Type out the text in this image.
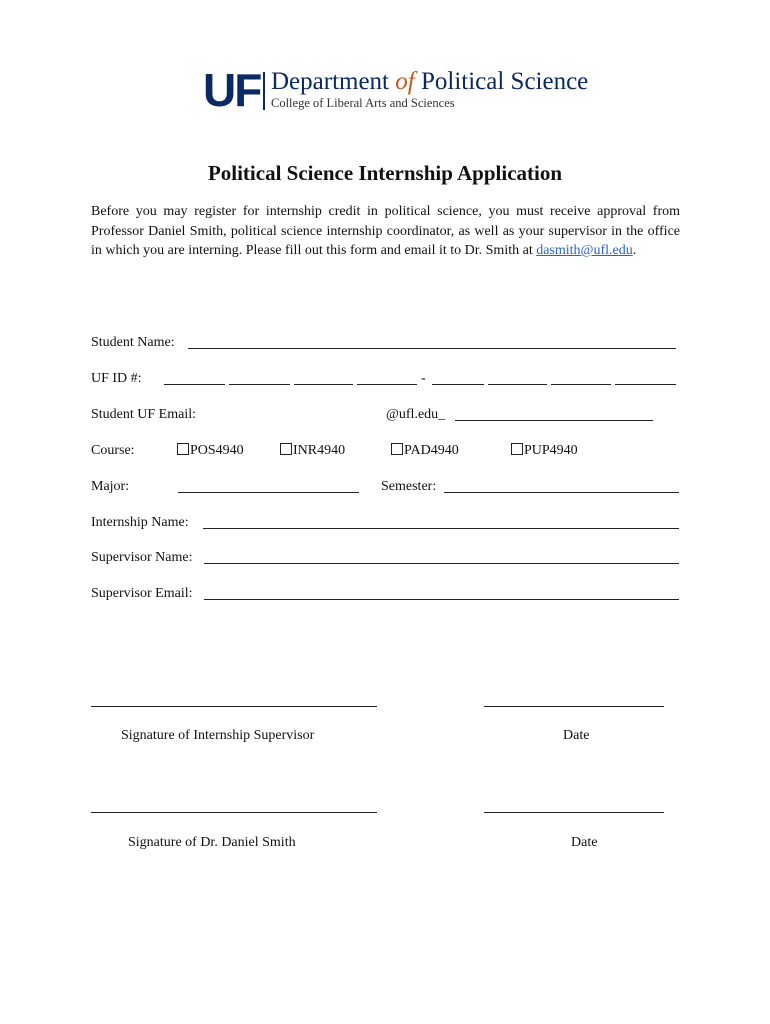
UF Department of Political Science
College of Liberal Arts and Sciences
Political Science Internship Application
Before you may register for internship credit in political science, you must receive approval from Professor Daniel Smith, political science internship coordinator, as well as your supervisor in the office in which you are interning. Please fill out this form and email it to Dr. Smith at dasmith@ufl.edu.
Student Name:
UF ID #:	-
Student UF Email:	@ufl.edu_
Course:	POS4940	INR4940	PAD4940	PUP4940
Major:	Semester:
Internship Name:
Supervisor Name:
Supervisor Email:
Signature of Internship Supervisor	Date
Signature of Dr. Daniel Smith	Date
